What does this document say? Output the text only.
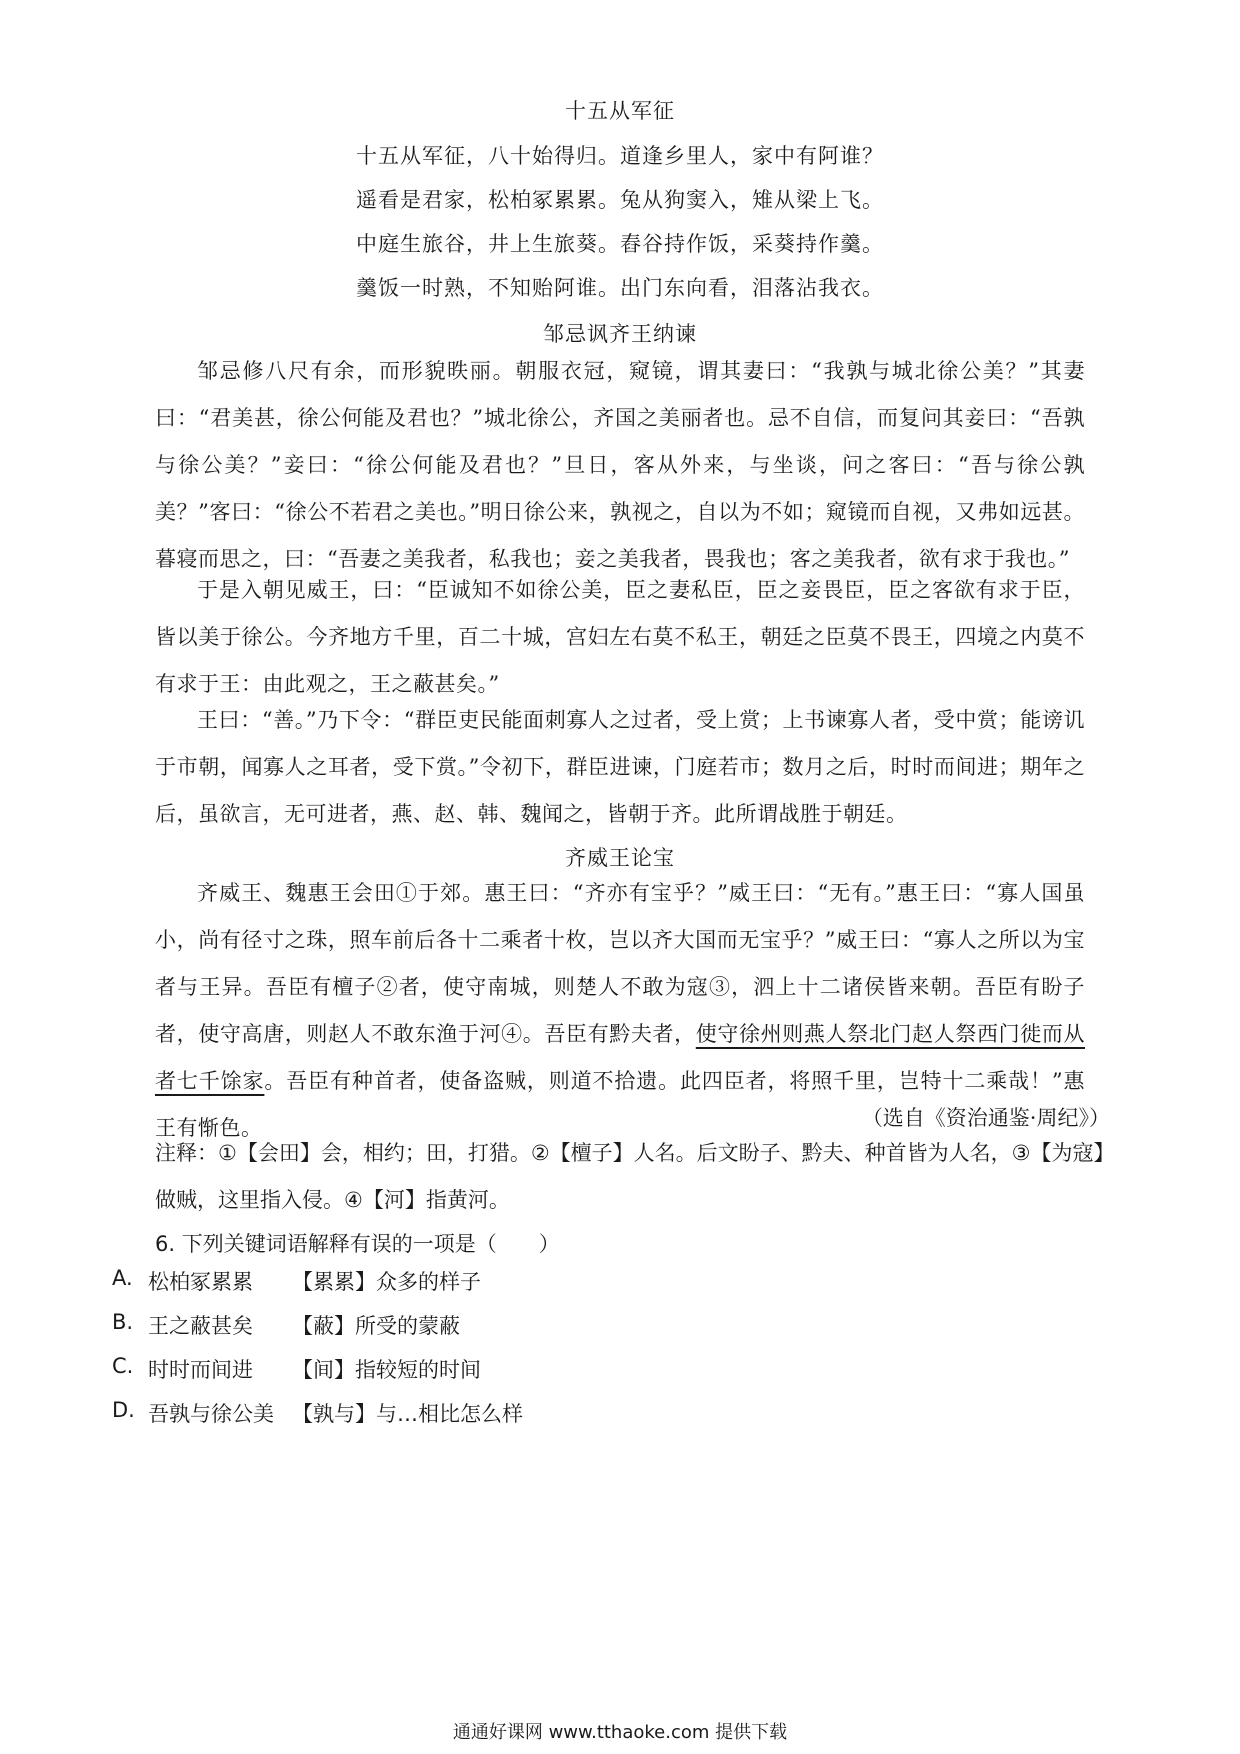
十五从军征
十五从军征，八十始得归。道逢乡里人，家中有阿谁？
遥看是君家，松柏冢累累。兔从狗窦入，雉从梁上飞。
中庭生旅谷，井上生旅葵。舂谷持作饭，采葵持作羹。
羹饭一时熟，不知贻阿谁。出门东向看，泪落沾我衣。
邹忌讽齐王纳谏
邹忌修八尺有余，而形貌昳丽。朝服衣冠，窥镜，谓其妻曰：“我孰与城北徐公美？”其妻曰：“君美甚，徐公何能及君也？”城北徐公，齐国之美丽者也。忌不自信，而复问其妾曰：“吾孰与徐公美？”妾曰：“徐公何能及君也？”旦日，客从外来，与坐谈，问之客曰：“吾与徐公孰美？”客曰：“徐公不若君之美也。”明日徐公来，孰视之，自以为不如；窥镜而自视，又弗如远甚。暮寝而思之，曰：“吾妻之美我者，私我也；妾之美我者，畏我也；客之美我者，欲有求于我也。”
于是入朝见威王，曰：“臣诚知不如徐公美，臣之妻私臣，臣之妾畏臣，臣之客欲有求于臣，皆以美于徐公。今齐地方千里，百二十城，宫妇左右莫不私王，朝廷之臣莫不畏王，四境之内莫不有求于王：由此观之，王之蔽甚矣。”
王曰：“善。”乃下令：“群臣吏民能面刺寡人之过者，受上赏；上书谏寡人者，受中赏；能谤讥于市朝，闻寡人之耳者，受下赏。”令初下，群臣进谏，门庭若市；数月之后，时时而间进；期年之后，虽欲言，无可进者，燕、赵、韩、魏闻之，皆朝于齐。此所谓战胜于朝廷。
齐威王论宝
齐威王、魏惠王会田①于郊。惠王曰：“齐亦有宝乎？”威王曰：“无有。”惠王曰：“寡人国虽小，尚有径寸之珠，照车前后各十二乘者十枚，岂以齐大国而无宝乎？”威王曰：“寡人之所以为宝者与王异。吾臣有檀子②者，使守南城，则楚人不敢为寇③，泗上十二诸侯皆来朝。吾臣有盼子者，使守高唐，则赵人不敢东渔于河④。吾臣有黔夫者，使守徐州则燕人祭北门赵人祭西门徙而从者七千馀家。吾臣有种首者，使备盗贼，则道不拾遗。此四臣者，将照千里，岂特十二乘哉！”惠王有惭色。	（选自《资治通鉴·周纪》）
注释：①【会田】会，相约；田，打猎。②【檀子】人名。后文盼子、黔夫、种首皆为人名，③【为寇】做贼，这里指入侵。④【河】指黄河。
6. 下列关键词语解释有误的一项是（　　）
A. 松柏冢累累 【累累】众多的样子
B. 王之蔽甚矣 【蔽】所受的蒙蔽
C. 时时而间进 【间】指较短的时间
D. 吾孰与徐公美 【孰与】与…相比怎么样
通通好课网 www.tthaoke.com 提供下载
